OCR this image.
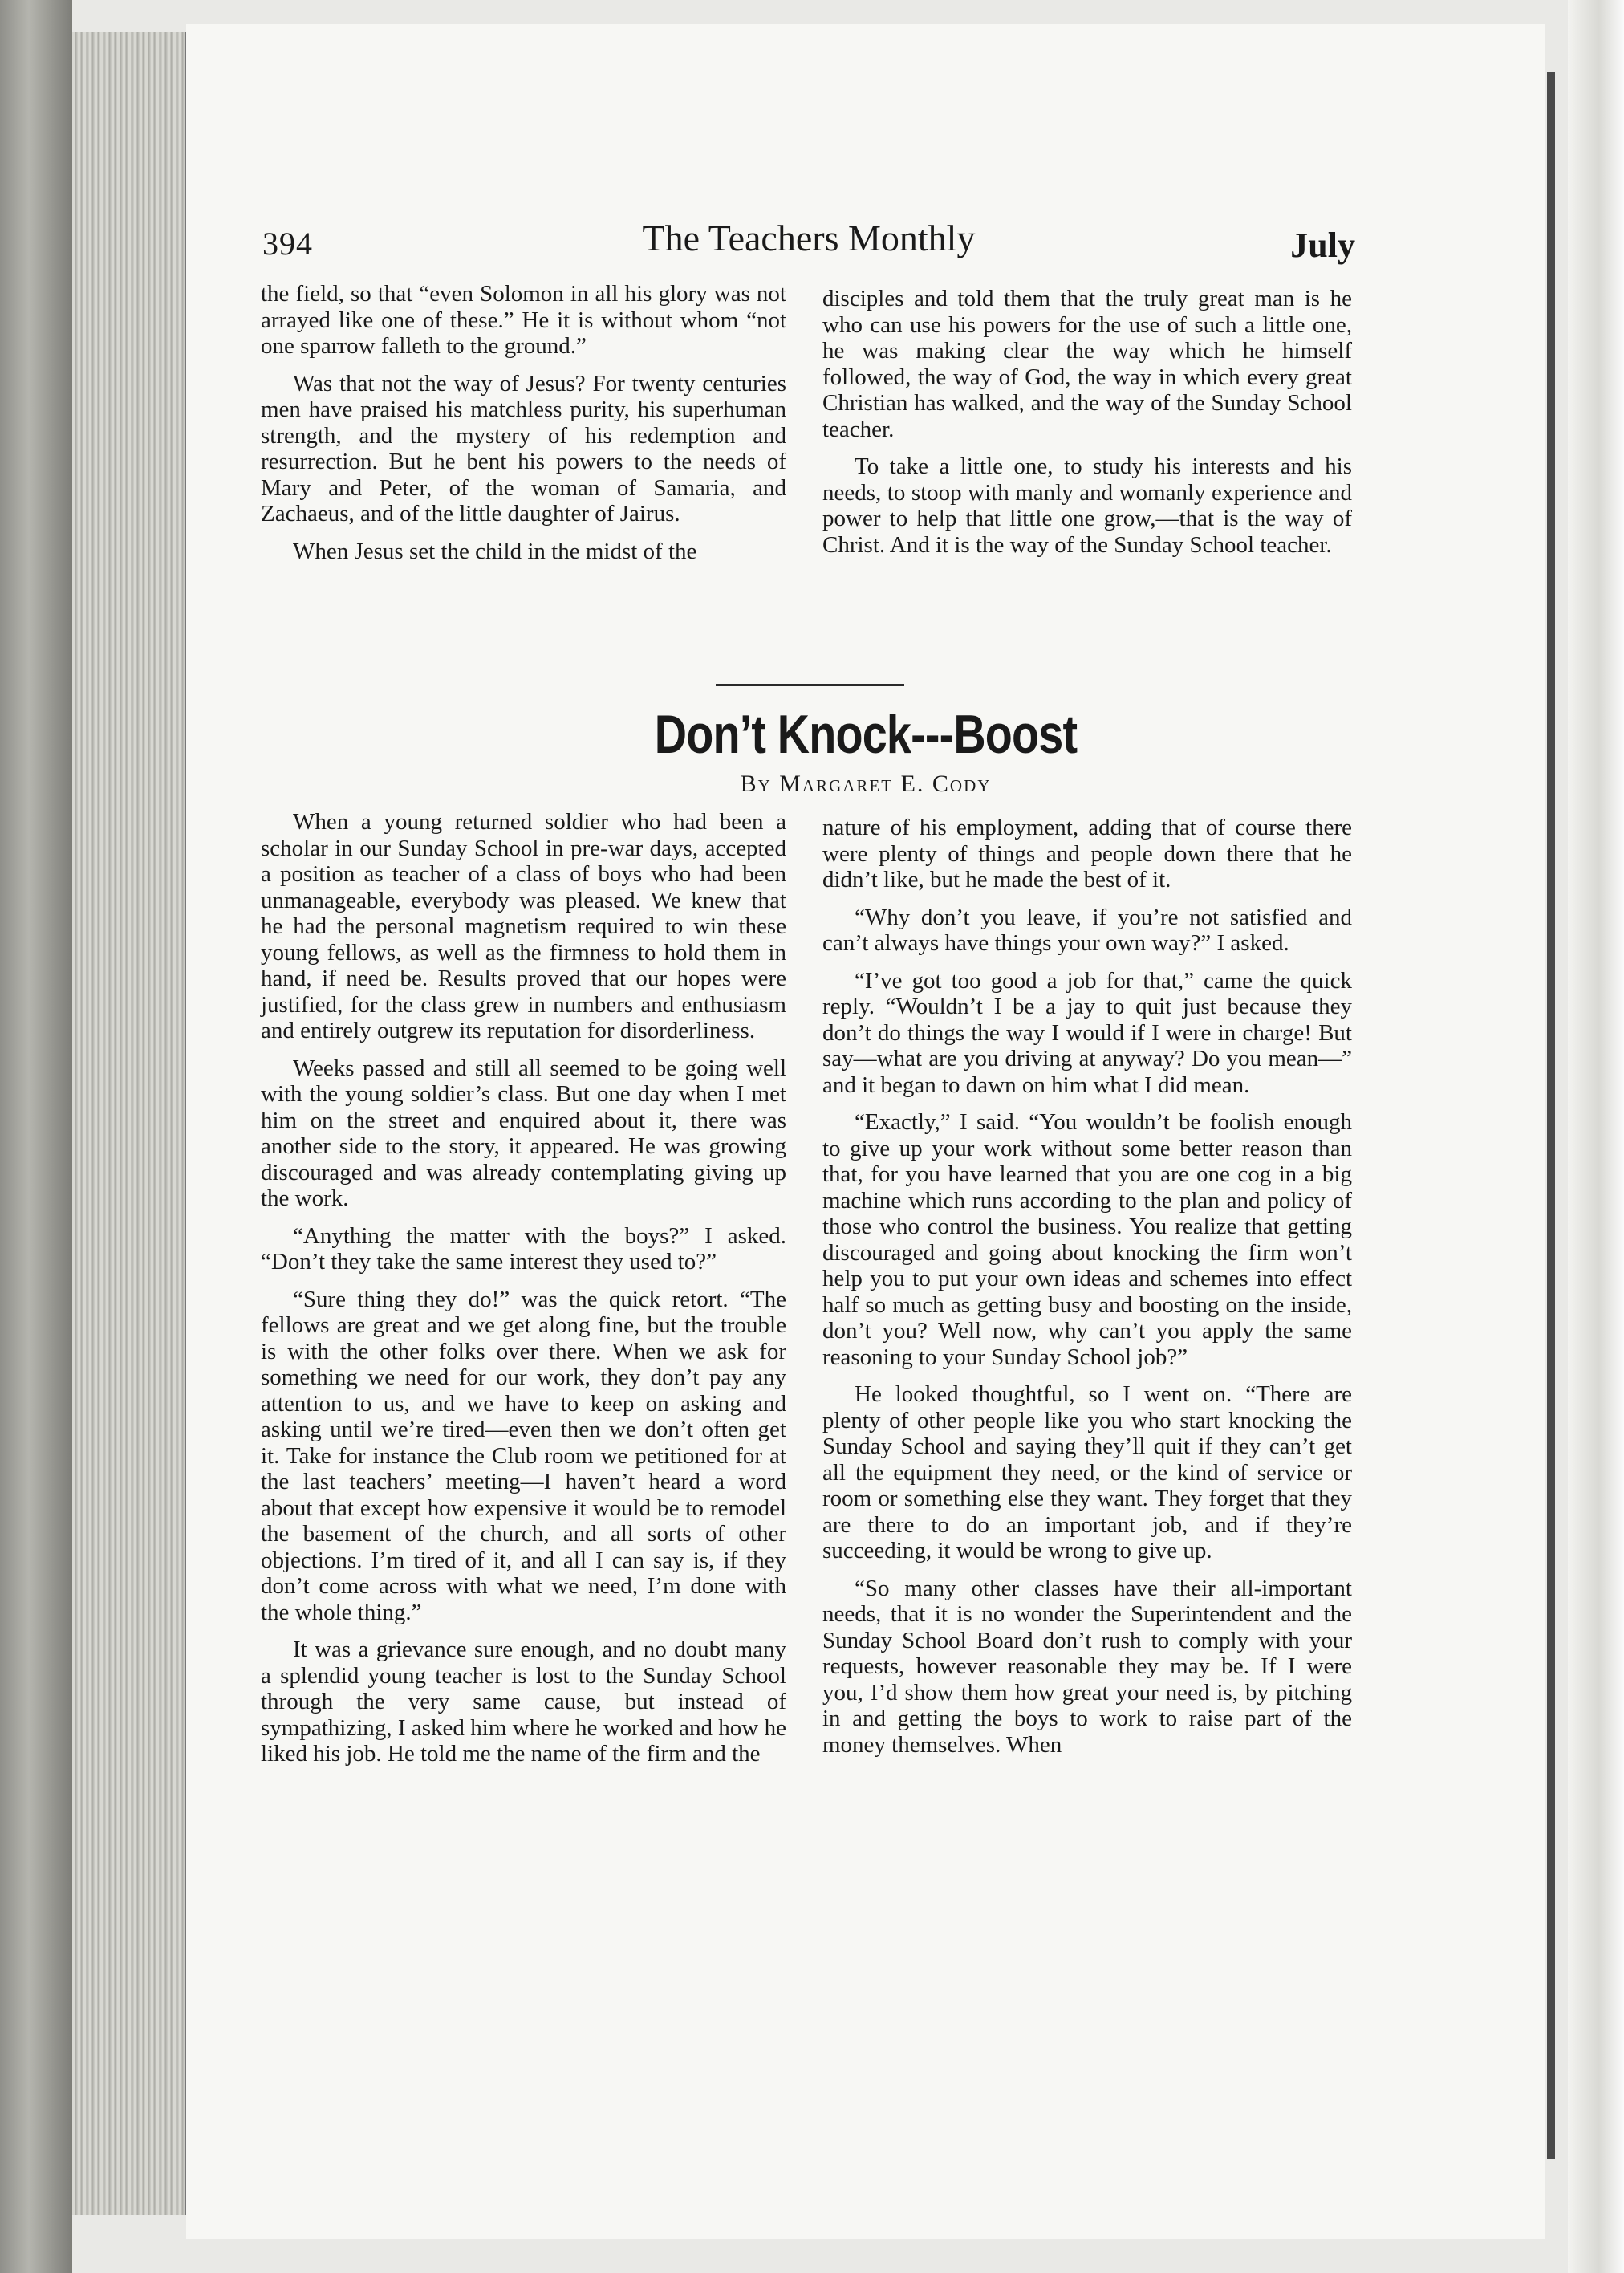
394	The Teachers Monthly	July

the field, so that “even Solomon in all his glory was not arrayed like one of these.” He it is without whom “not one sparrow falleth to the ground.”

Was that not the way of Jesus? For twenty centuries men have praised his matchless purity, his superhuman strength, and the mystery of his redemption and resurrection. But he bent his powers to the needs of Mary and Peter, of the woman of Samaria, and Zachaeus, and of the little daughter of Jairus.

When Jesus set the child in the midst of the

disciples and told them that the truly great man is he who can use his powers for the use of such a little one, he was making clear the way which he himself followed, the way of God, the way in which every great Christian has walked, and the way of the Sunday School teacher.

To take a little one, to study his interests and his needs, to stoop with manly and womanly experience and power to help that little one grow,—that is the way of Christ. And it is the way of the Sunday School teacher.

Don’t Knock---Boost
By Margaret E. Cody

When a young returned soldier who had been a scholar in our Sunday School in pre-war days, accepted a position as teacher of a class of boys who had been unmanageable, everybody was pleased. We knew that he had the personal magnetism required to win these young fellows, as well as the firmness to hold them in hand, if need be. Results proved that our hopes were justified, for the class grew in numbers and enthusiasm and entirely outgrew its reputation for disorderliness.

Weeks passed and still all seemed to be going well with the young soldier’s class. But one day when I met him on the street and enquired about it, there was another side to the story, it appeared. He was growing discouraged and was already contemplating giving up the work.

“Anything the matter with the boys?” I asked. “Don’t they take the same interest they used to?”

“Sure thing they do!” was the quick retort. “The fellows are great and we get along fine, but the trouble is with the other folks over there. When we ask for something we need for our work, they don’t pay any attention to us, and we have to keep on asking and asking until we’re tired—even then we don’t often get it. Take for instance the Club room we petitioned for at the last teachers’ meeting—I haven’t heard a word about that except how expensive it would be to remodel the basement of the church, and all sorts of other objections. I’m tired of it, and all I can say is, if they don’t come across with what we need, I’m done with the whole thing.”

It was a grievance sure enough, and no doubt many a splendid young teacher is lost to the Sunday School through the very same cause, but instead of sympathizing, I asked him where he worked and how he liked his job. He told me the name of the firm and the

nature of his employment, adding that of course there were plenty of things and people down there that he didn’t like, but he made the best of it.

“Why don’t you leave, if you’re not satisfied and can’t always have things your own way?” I asked.

“I’ve got too good a job for that,” came the quick reply. “Wouldn’t I be a jay to quit just because they don’t do things the way I would if I were in charge! But say—what are you driving at anyway? Do you mean—” and it began to dawn on him what I did mean.

“Exactly,” I said. “You wouldn’t be foolish enough to give up your work without some better reason than that, for you have learned that you are one cog in a big machine which runs according to the plan and policy of those who control the business. You realize that getting discouraged and going about knocking the firm won’t help you to put your own ideas and schemes into effect half so much as getting busy and boosting on the inside, don’t you? Well now, why can’t you apply the same reasoning to your Sunday School job?”

He looked thoughtful, so I went on. “There are plenty of other people like you who start knocking the Sunday School and saying they’ll quit if they can’t get all the equipment they need, or the kind of service or room or something else they want. They forget that they are there to do an important job, and if they’re succeeding, it would be wrong to give up.

“So many other classes have their all-important needs, that it is no wonder the Superintendent and the Sunday School Board don’t rush to comply with your requests, however reasonable they may be. If I were you, I’d show them how great your need is, by pitching in and getting the boys to work to raise part of the money themselves. When
